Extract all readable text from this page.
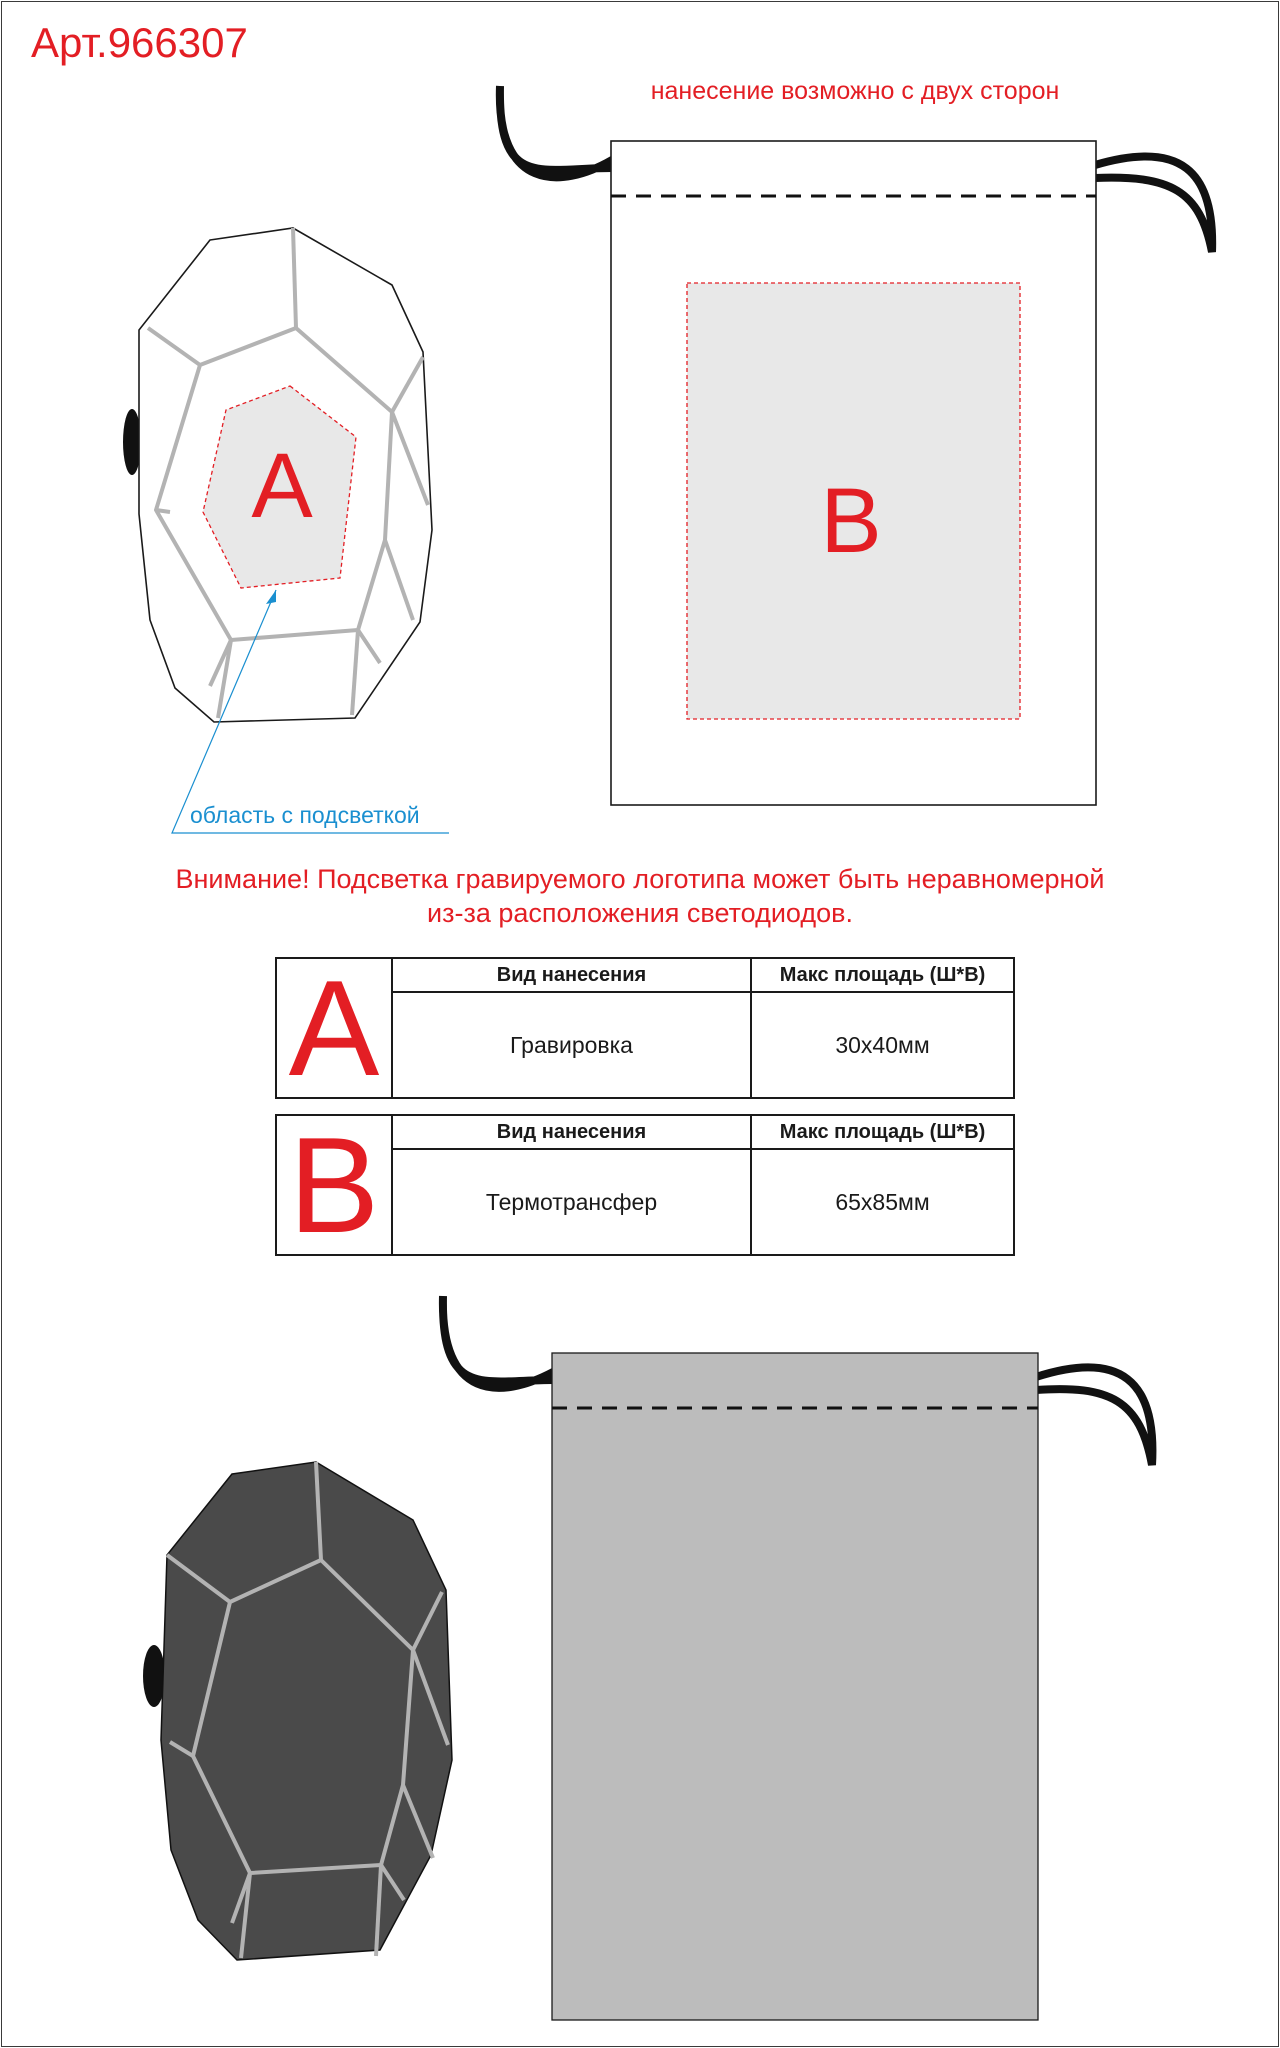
Арт.966307
нанесение возможно с двух сторон
A	B
область с подсветкой
Внимание! Подсветка гравируемого логотипа может быть неравномерной
из-за расположения светодиодов.
A	Вид нанесения	Макс площадь (Ш*В)
Гравировка	30х40мм
B	Вид нанесения	Макс площадь (Ш*В)
Термотрансфер	65х85мм
